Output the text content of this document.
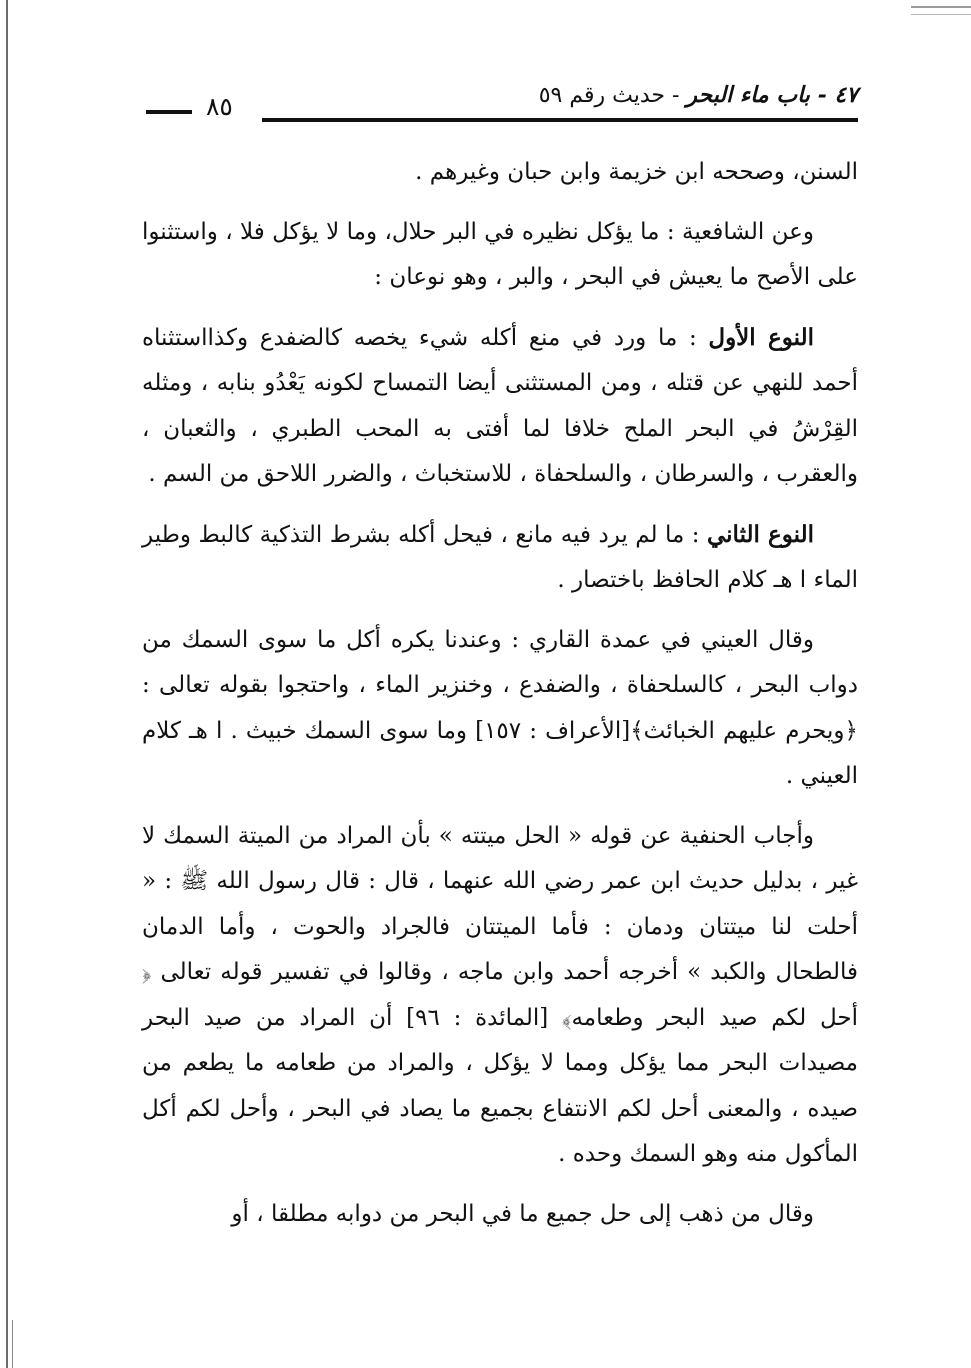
٨٥	٤٧ - باب ماء البحر - حديث رقم ٥٩

السنن، وصححه ابن خزيمة وابن حبان وغيرهم .

وعن الشافعية : ما يؤكل نظيره في البر حلال، وما لا يؤكل فلا ، واستثنوا على الأصح ما يعيش في البحر ، والبر ، وهو نوعان :

النوع الأول : ما ورد في منع أكله شيء يخصه كالضفدع وكذااستثناه أحمد للنهي عن قتله ، ومن المستثنى أيضا التمساح لكونه يَعْدُو بنابه ، ومثله القِرْشُ في البحر الملح خلافا لما أفتى به المحب الطبري ، والثعبان ، والعقرب ، والسرطان ، والسلحفاة ، للاستخباث ، والضرر اللاحق من السم .

النوع الثاني : ما لم يرد فيه مانع ، فيحل أكله بشرط التذكية كالبط وطير الماء ا هـ كلام الحافظ باختصار .

وقال العيني في عمدة القاري : وعندنا يكره أكل ما سوى السمك من دواب البحر ، كالسلحفاة ، والضفدع ، وخنزير الماء ، واحتجوا بقوله تعالى : ﴿ويحرم عليهم الخبائث﴾[الأعراف : ١٥٧] وما سوى السمك خبيث . ا هـ كلام العيني .

وأجاب الحنفية عن قوله « الحل ميتته » بأن المراد من الميتة السمك لا غير ، بدليل حديث ابن عمر رضي الله عنهما ، قال : قال رسول الله ﷺ : « أحلت لنا ميتتان ودمان : فأما الميتتان فالجراد والحوت ، وأما الدمان فالطحال والكبد » أخرجه أحمد وابن ماجه ، وقالوا في تفسير قوله تعالى ﴿ أحل لكم صيد البحر وطعامه﴾ [المائدة : ٩٦] أن المراد من صيد البحر مصيدات البحر مما يؤكل ومما لا يؤكل ، والمراد من طعامه ما يطعم من صيده ، والمعنى أحل لكم الانتفاع بجميع ما يصاد في البحر ، وأحل لكم أكل المأكول منه وهو السمك وحده .

وقال من ذهب إلى حل جميع ما في البحر من دوابه مطلقا ، أو
